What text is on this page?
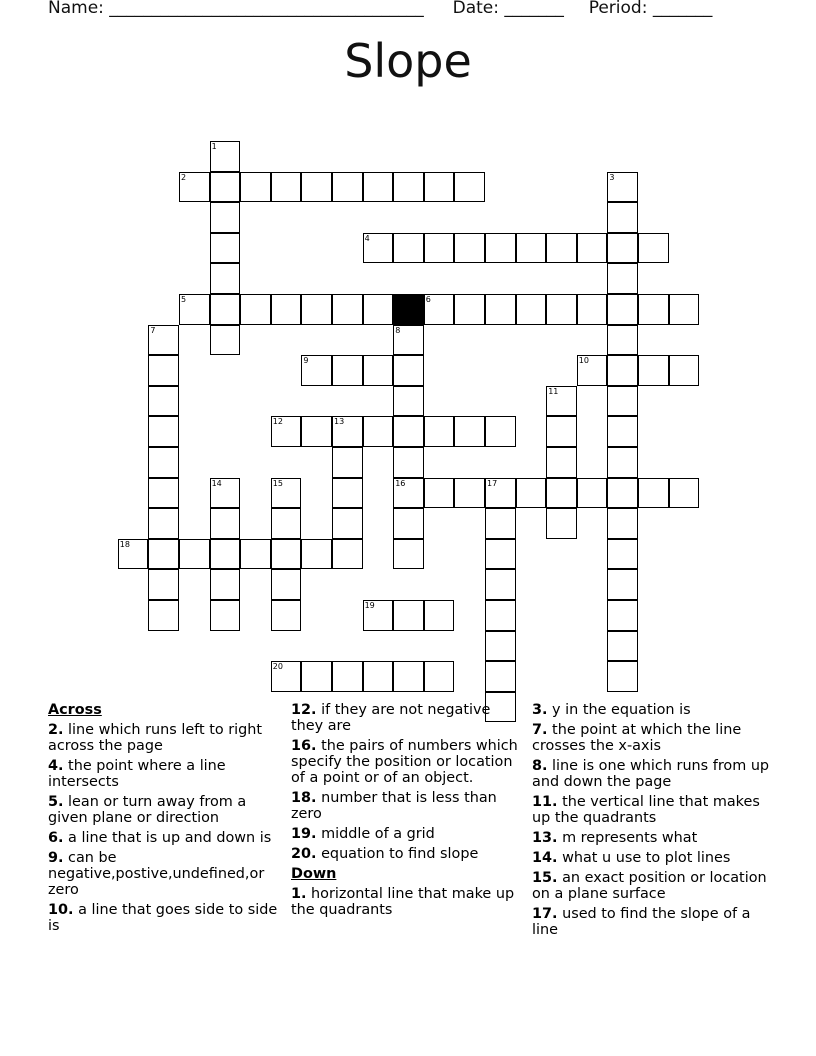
Name: _____________________________________ Date: _______ Period: _______
Slope
1
2	3
4
5	6
7	8
9	10
11
12	13
14	15	16	17
18
19
20
Across
2. line which runs left to right across the page
4. the point where a line intersects
5. lean or turn away from a given plane or direction
6. a line that is up and down is
9. can be negative,postive,undefined,or zero
10. a line that goes side to side is
12. if they are not negative they are
16. the pairs of numbers which specify the position or location of a point or of an object.
18. number that is less than zero
19. middle of a grid
20. equation to find slope
Down
1. horizontal line that make up the quadrants
3. y in the equation is
7. the point at which the line crosses the x-axis
8. line is one which runs from up and down the page
11. the vertical line that makes up the quadrants
13. m represents what
14. what u use to plot lines
15. an exact position or location on a plane surface
17. used to find the slope of a line
